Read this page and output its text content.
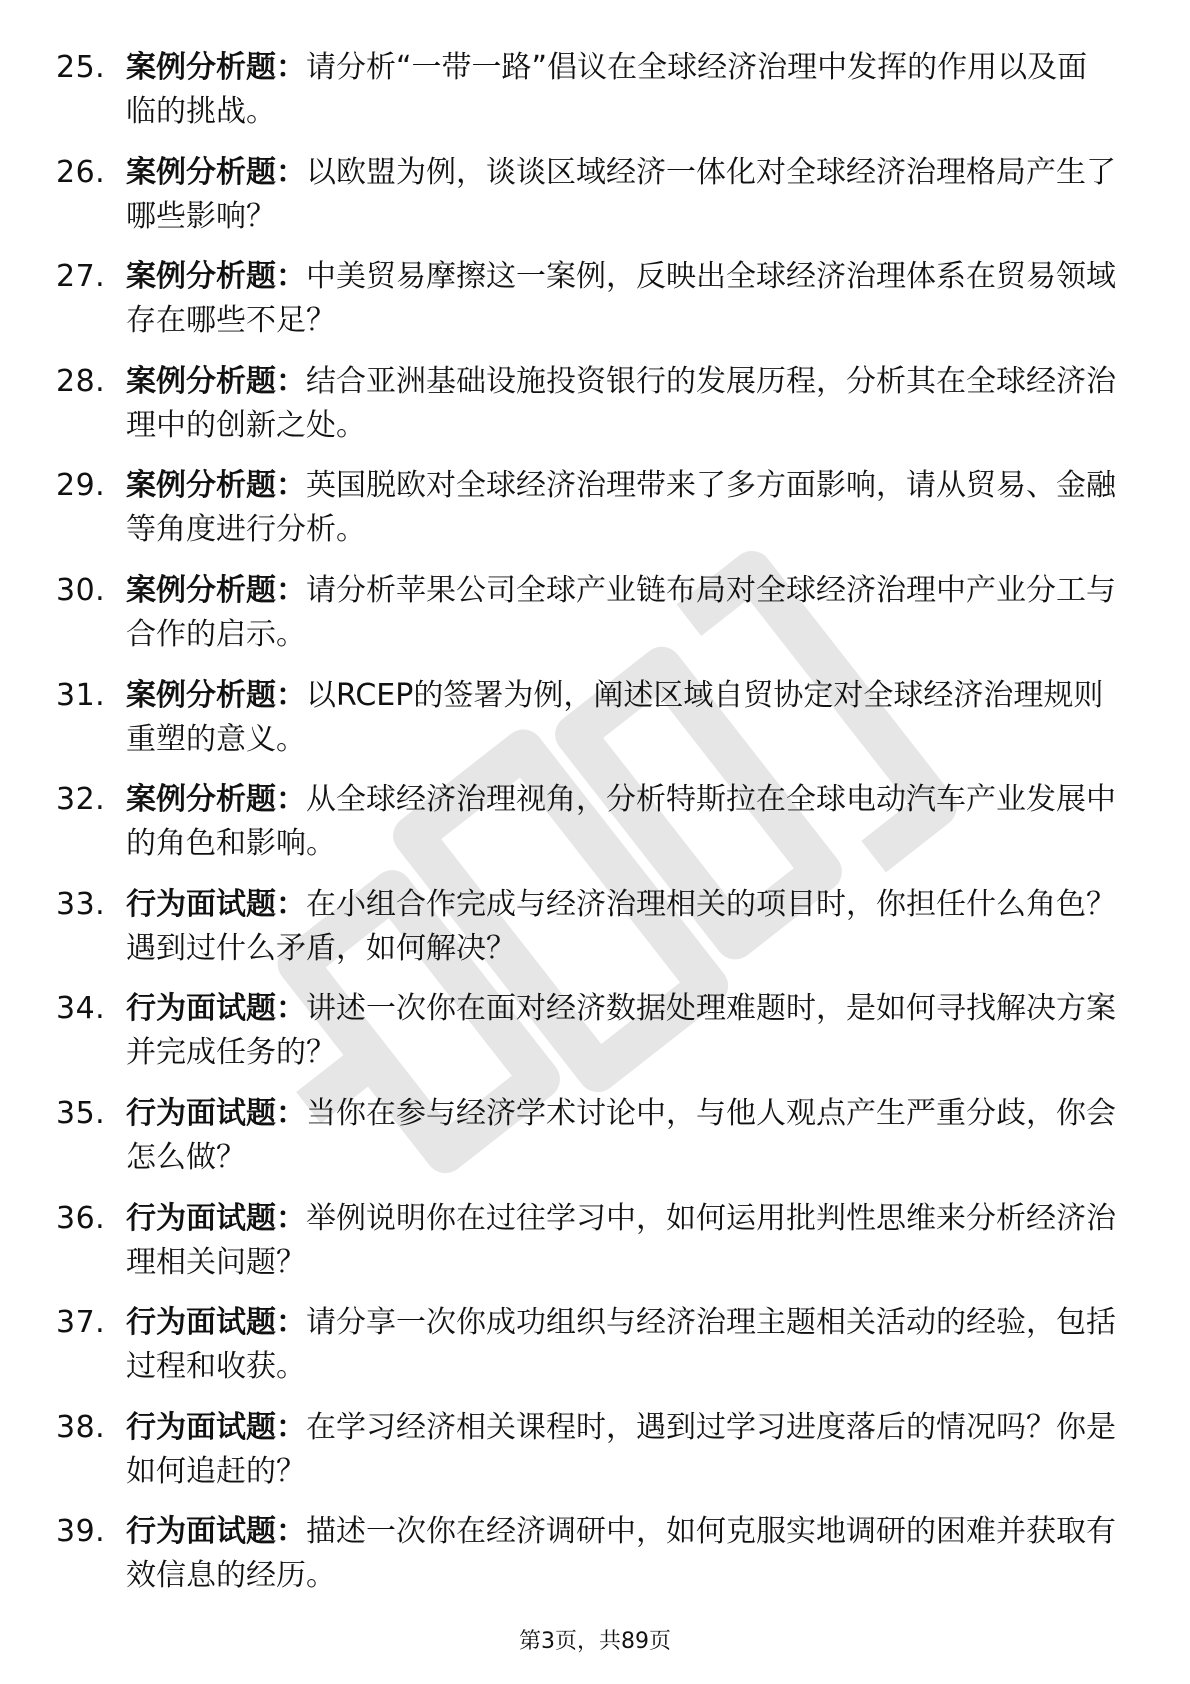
25. 案例分析题：请分析“一带一路”倡议在全球经济治理中发挥的作用以及面临的挑战。
26. 案例分析题：以欧盟为例，谈谈区域经济一体化对全球经济治理格局产生了哪些影响？
27. 案例分析题：中美贸易摩擦这一案例，反映出全球经济治理体系在贸易领域存在哪些不足？
28. 案例分析题：结合亚洲基础设施投资银行的发展历程，分析其在全球经济治理中的创新之处。
29. 案例分析题：英国脱欧对全球经济治理带来了多方面影响，请从贸易、金融等角度进行分析。
30. 案例分析题：请分析苹果公司全球产业链布局对全球经济治理中产业分工与合作的启示。
31. 案例分析题：以RCEP的签署为例，阐述区域自贸协定对全球经济治理规则重塑的意义。
32. 案例分析题：从全球经济治理视角，分析特斯拉在全球电动汽车产业发展中的角色和影响。
33. 行为面试题：在小组合作完成与经济治理相关的项目时，你担任什么角色？遇到过什么矛盾，如何解决？
34. 行为面试题：讲述一次你在面对经济数据处理难题时，是如何寻找解决方案并完成任务的？
35. 行为面试题：当你在参与经济学术讨论中，与他人观点产生严重分歧，你会怎么做？
36. 行为面试题：举例说明你在过往学习中，如何运用批判性思维来分析经济治理相关问题？
37. 行为面试题：请分享一次你成功组织与经济治理主题相关活动的经验，包括过程和收获。
38. 行为面试题：在学习经济相关课程时，遇到过学习进度落后的情况吗？你是如何追赶的？
39. 行为面试题：描述一次你在经济调研中，如何克服实地调研的困难并获取有效信息的经历。
第3页，共89页
